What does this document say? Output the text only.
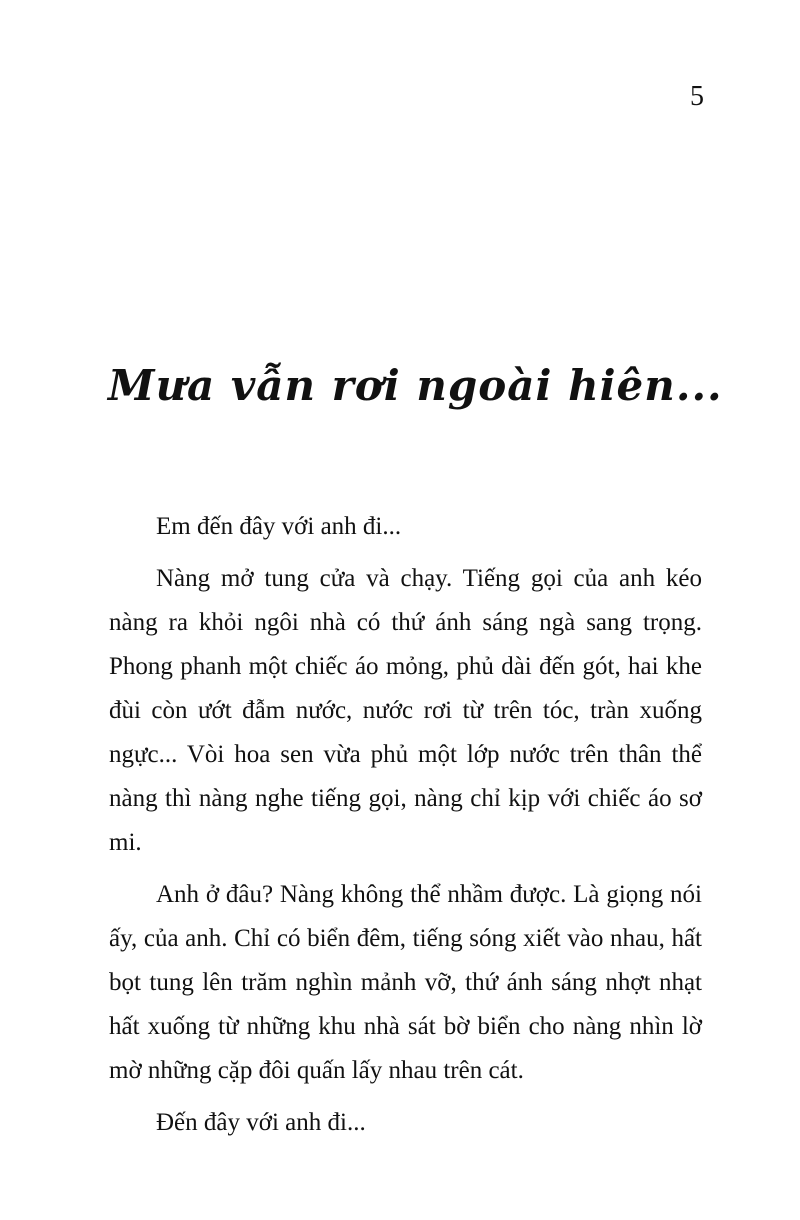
5
Mưa vẫn rơi ngoài hiên...

Em đến đây với anh đi...

Nàng mở tung cửa và chạy. Tiếng gọi của anh kéo nàng ra khỏi ngôi nhà có thứ ánh sáng ngà sang trọng. Phong phanh một chiếc áo mỏng, phủ dài đến gót, hai khe đùi còn ướt đẫm nước, nước rơi từ trên tóc, tràn xuống ngực... Vòi hoa sen vừa phủ một lớp nước trên thân thể nàng thì nàng nghe tiếng gọi, nàng chỉ kịp với chiếc áo sơ mi.

Anh ở đâu? Nàng không thể nhầm được. Là giọng nói ấy, của anh. Chỉ có biển đêm, tiếng sóng xiết vào nhau, hất bọt tung lên trăm nghìn mảnh vỡ, thứ ánh sáng nhợt nhạt hất xuống từ những khu nhà sát bờ biển cho nàng nhìn lờ mờ những cặp đôi quấn lấy nhau trên cát.

Đến đây với anh đi...
